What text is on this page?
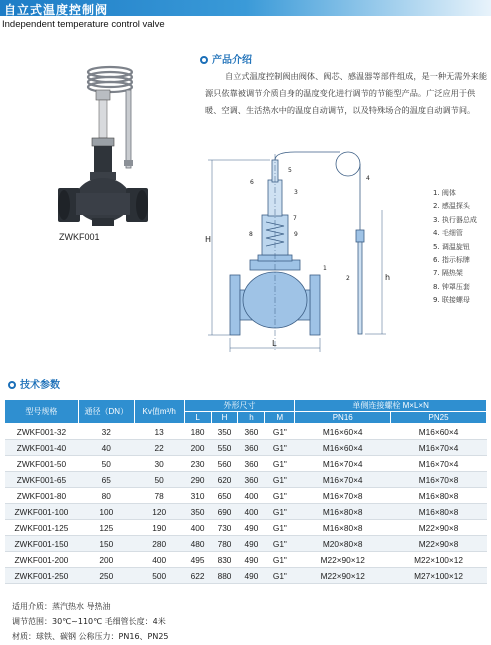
自立式温度控制阀
Independent temperature control valve
ZWKF001
产品介绍
自立式温度控制阀由阀体、阀芯、感温器等部件组成，是一种无需外来能源只依靠被调节介质自身的温度变化进行调节的节能型产品。广泛应用于供暖、空调、生活热水中的温度自动调节，以及特殊场合的温度自动调节间。
H
L
h
1
2
3
4
5
6
7
8	9
1. 阀体
2. 感温探头
3. 执行器总成
4. 毛细管
5. 调温旋钮
6. 指示标牌
7. 隔热架
8. 钟罩压套
9. 联接螺母
技术参数
型号规格	通径（DN）	Kv值m³/h	外形尺寸				单侧连接螺栓 M×L×N	
			L	H	h	M	PN16	PN25
ZWKF001-32	32	13	180	350	360	G1"	M16×60×4	M16×60×4
ZWKF001-40	40	22	200	550	360	G1"	M16×60×4	M16×70×4
ZWKF001-50	50	30	230	560	360	G1"	M16×70×4	M16×70×4
ZWKF001-65	65	50	290	620	360	G1"	M16×70×4	M16×70×8
ZWKF001-80	80	78	310	650	400	G1"	M16×70×8	M16×80×8
ZWKF001-100	100	120	350	690	400	G1"	M16×80×8	M16×80×8
ZWKF001-125	125	190	400	730	490	G1"	M16×80×8	M22×90×8
ZWKF001-150	150	280	480	780	490	G1"	M20×80×8	M22×90×8
ZWKF001-200	200	400	495	830	490	G1"	M22×90×12	M22×100×12
ZWKF001-250	250	500	622	880	490	G1"	M22×90×12	M27×100×12
适用介质：蒸汽热水 导热油
调节范围：30℃~110℃ 毛细管长度：4米
材质：球铁、碳钢 公称压力：PN16、PN25
